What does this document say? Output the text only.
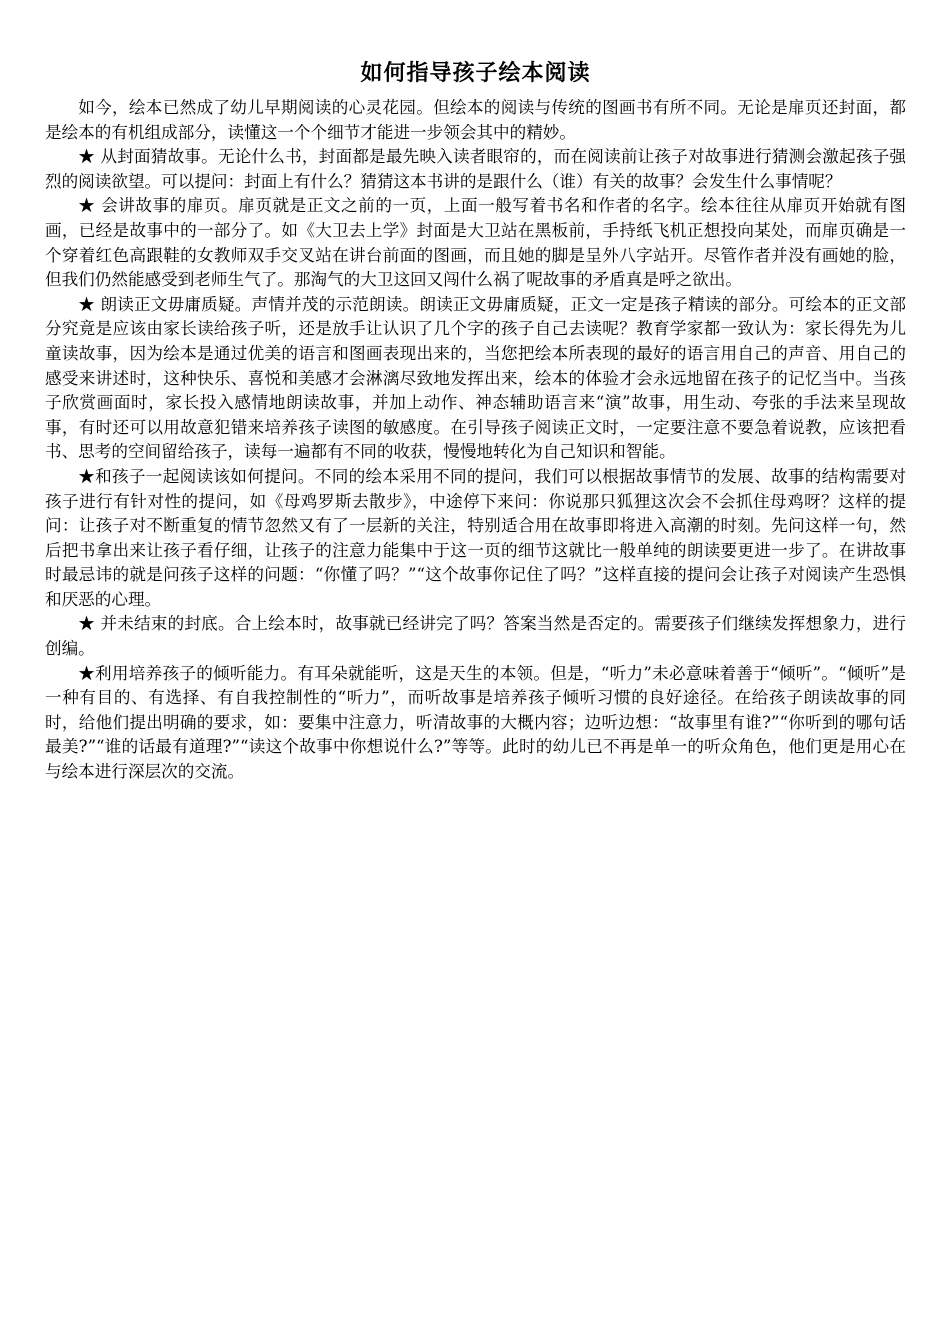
如何指导孩子绘本阅读

如今，绘本已然成了幼儿早期阅读的心灵花园。但绘本的阅读与传统的图画书有所不同。无论是扉页还封面，都是绘本的有机组成部分，读懂这一个个细节才能进一步领会其中的精妙。

★ 从封面猜故事。无论什么书，封面都是最先映入读者眼帘的，而在阅读前让孩子对故事进行猜测会激起孩子强烈的阅读欲望。可以提问：封面上有什么？猜猜这本书讲的是跟什么（谁）有关的故事？会发生什么事情呢？

★ 会讲故事的扉页。扉页就是正文之前的一页，上面一般写着书名和作者的名字。绘本往往从扉页开始就有图画，已经是故事中的一部分了。如《大卫去上学》封面是大卫站在黑板前，手持纸飞机正想投向某处，而扉页确是一个穿着红色高跟鞋的女教师双手交叉站在讲台前面的图画，而且她的脚是呈外八字站开。尽管作者并没有画她的脸，但我们仍然能感受到老师生气了。那淘气的大卫这回又闯什么祸了呢故事的矛盾真是呼之欲出。

★ 朗读正文毋庸质疑。声情并茂的示范朗读。朗读正文毋庸质疑，正文一定是孩子精读的部分。可绘本的正文部分究竟是应该由家长读给孩子听，还是放手让认识了几个字的孩子自己去读呢？教育学家都一致认为：家长得先为儿童读故事，因为绘本是通过优美的语言和图画表现出来的，当您把绘本所表现的最好的语言用自己的声音、用自己的感受来讲述时，这种快乐、喜悦和美感才会淋漓尽致地发挥出来，绘本的体验才会永远地留在孩子的记忆当中。当孩子欣赏画面时，家长投入感情地朗读故事，并加上动作、神态辅助语言来“演”故事，用生动、夸张的手法来呈现故事，有时还可以用故意犯错来培养孩子读图的敏感度。在引导孩子阅读正文时，一定要注意不要急着说教，应该把看书、思考的空间留给孩子，读每一遍都有不同的收获，慢慢地转化为自己知识和智能。

★和孩子一起阅读该如何提问。不同的绘本采用不同的提问，我们可以根据故事情节的发展、故事的结构需要对孩子进行有针对性的提问，如《母鸡罗斯去散步》，中途停下来问：你说那只狐狸这次会不会抓住母鸡呀？这样的提问：让孩子对不断重复的情节忽然又有了一层新的关注，特别适合用在故事即将进入高潮的时刻。先问这样一句，然后把书拿出来让孩子看仔细，让孩子的注意力能集中于这一页的细节这就比一般单纯的朗读要更进一步了。在讲故事时最忌讳的就是问孩子这样的问题：“你懂了吗？”“这个故事你记住了吗？”这样直接的提问会让孩子对阅读产生恐惧和厌恶的心理。

★ 并未结束的封底。合上绘本时，故事就已经讲完了吗？答案当然是否定的。需要孩子们继续发挥想象力，进行创编。

★利用培养孩子的倾听能力。有耳朵就能听，这是天生的本领。但是，“听力”未必意味着善于“倾听”。“倾听”是一种有目的、有选择、有自我控制性的“听力”，而听故事是培养孩子倾听习惯的良好途径。在给孩子朗读故事的同时，给他们提出明确的要求，如：要集中注意力，听清故事的大概内容；边听边想：“故事里有谁?”“你听到的哪句话最美?”“谁的话最有道理?”“读这个故事中你想说什么?”等等。此时的幼儿已不再是单一的听众角色，他们更是用心在与绘本进行深层次的交流。
